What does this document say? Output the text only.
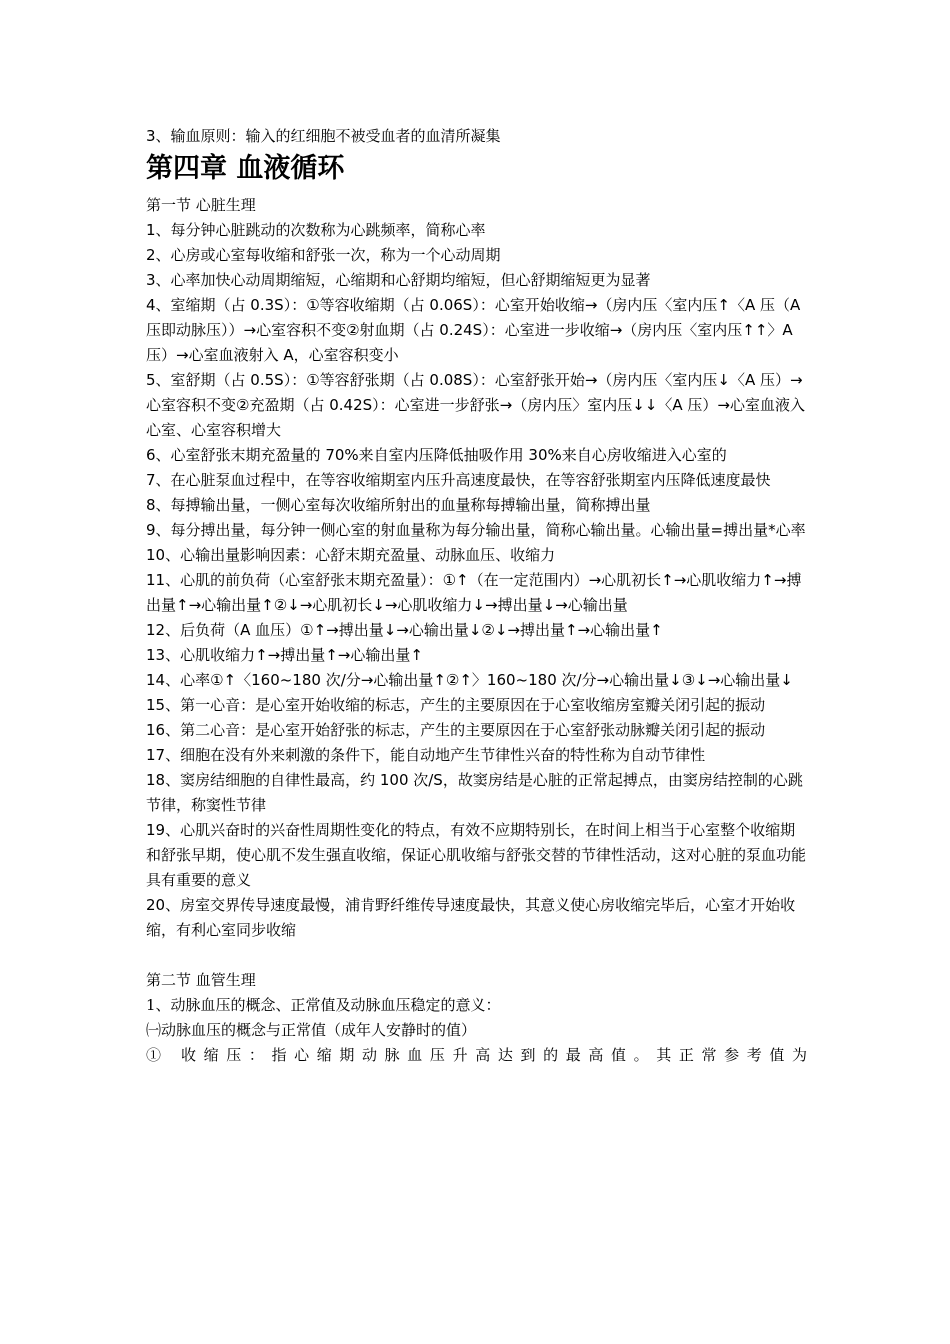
3、输血原则：输入的红细胞不被受血者的血清所凝集

第四章 血液循环

第一节 心脏生理

1、每分钟心脏跳动的次数称为心跳频率，简称心率

2、心房或心室每收缩和舒张一次，称为一个心动周期

3、心率加快心动周期缩短，心缩期和心舒期均缩短，但心舒期缩短更为显著

4、室缩期（占 0.3S）：①等容收缩期（占 0.06S）：心室开始收缩→（房内压〈室内压↑〈A 压（A 压即动脉压））→心室容积不变②射血期（占 0.24S）：心室进一步收缩→（房内压〈室内压↑↑〉A 压）→心室血液射入 A，心室容积变小

5、室舒期（占 0.5S）：①等容舒张期（占 0.08S）：心室舒张开始→（房内压〈室内压↓〈A 压）→心室容积不变②充盈期（占 0.42S）：心室进一步舒张→（房内压〉室内压↓↓〈A 压）→心室血液入心室、心室容积增大

6、心室舒张末期充盈量的 70%来自室内压降低抽吸作用 30%来自心房收缩进入心室的

7、在心脏泵血过程中，在等容收缩期室内压升高速度最快，在等容舒张期室内压降低速度最快

8、每搏输出量，一侧心室每次收缩所射出的血量称每搏输出量，简称搏出量

9、每分搏出量，每分钟一侧心室的射血量称为每分输出量，简称心输出量。心输出量=搏出量*心率

10、心输出量影响因素：心舒末期充盈量、动脉血压、收缩力

11、心肌的前负荷（心室舒张末期充盈量）：①↑（在一定范围内）→心肌初长↑→心肌收缩力↑→搏出量↑→心输出量↑②↓→心肌初长↓→心肌收缩力↓→搏出量↓→心输出量

12、后负荷（A 血压）①↑→搏出量↓→心输出量↓②↓→搏出量↑→心输出量↑

13、心肌收缩力↑→搏出量↑→心输出量↑

14、心率①↑〈160~180 次/分→心输出量↑②↑〉160~180 次/分→心输出量↓③↓→心输出量↓

15、第一心音：是心室开始收缩的标志，产生的主要原因在于心室收缩房室瓣关闭引起的振动

16、第二心音：是心室开始舒张的标志，产生的主要原因在于心室舒张动脉瓣关闭引起的振动

17、细胞在没有外来刺激的条件下，能自动地产生节律性兴奋的特性称为自动节律性

18、窦房结细胞的自律性最高，约 100 次/S，故窦房结是心脏的正常起搏点，由窦房结控制的心跳节律，称窦性节律

19、心肌兴奋时的兴奋性周期性变化的特点，有效不应期特别长，在时间上相当于心室整个收缩期和舒张早期，使心肌不发生强直收缩，保证心肌收缩与舒张交替的节律性活动，这对心脏的泵血功能具有重要的意义

20、房室交界传导速度最慢，浦肯野纤维传导速度最快，其意义使心房收缩完毕后，心室才开始收缩，有利心室同步收缩

第二节 血管生理

1、动脉血压的概念、正常值及动脉血压稳定的意义：

㈠动脉血压的概念与正常值（成年人安静时的值）

① 收缩压：指心缩期动脉血压升高达到的最高值。其正常参考值为
